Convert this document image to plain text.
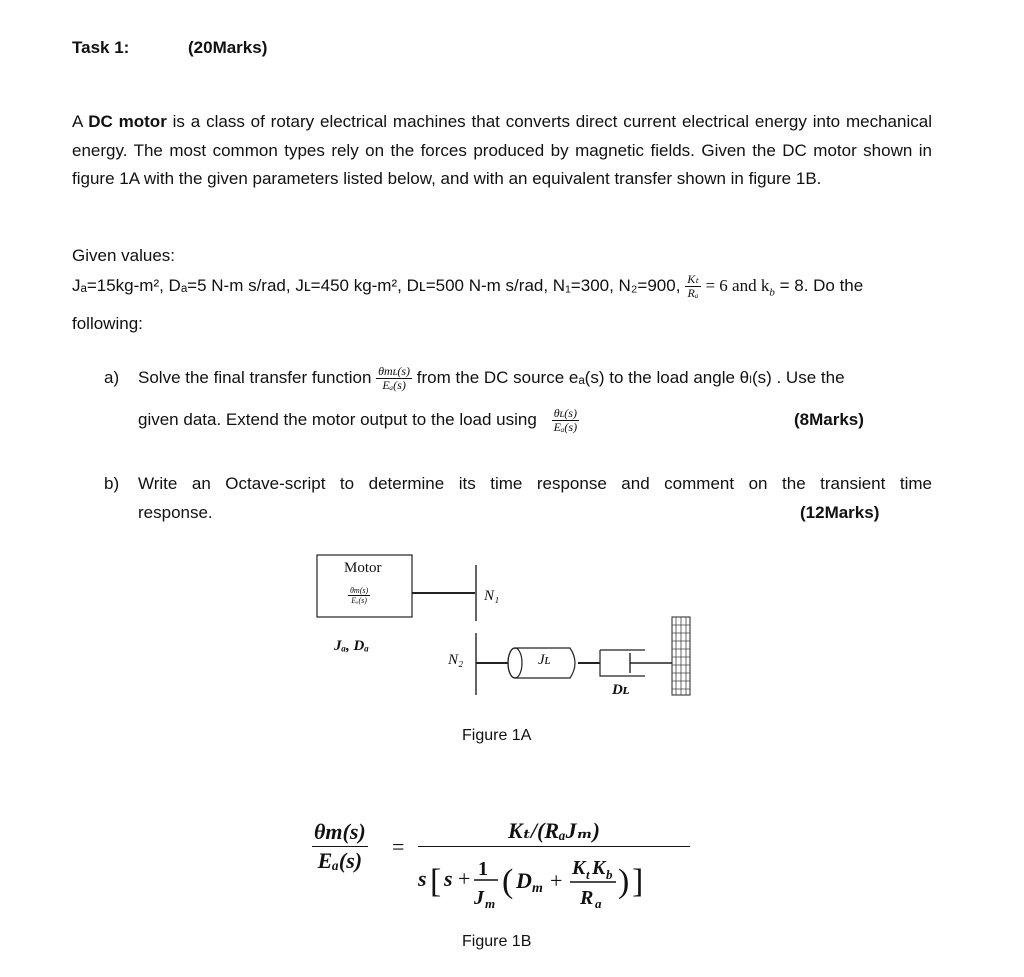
Task 1:	(20Marks)
A DC motor is a class of rotary electrical machines that converts direct current electrical energy into mechanical energy. The most common types rely on the forces produced by magnetic fields. Given the DC motor shown in figure 1A with the given parameters listed below, and with an equivalent transfer shown in figure 1B.
Given values:
Jₐ=15kg-m², Dₐ=5 N-m s/rad, Jʟ=450 kg-m², Dʟ=500 N-m s/rad, N₁=300, N₂=900, $\frac{\text{Kₜ}}{\text{Rₐ}} = 6$ and $k_b = 8$. Do the
following:
a) Solve the final transfer function $\frac{\text{θmʟ(s)}}{\text{Eₐ(s)}}$ from the DC source eₐ(s) to the load angle θₗ(s) . Use the
given data. Extend the motor output to the load using $\frac{\text{θʟ(s)}}{\text{Eₐ(s)}}$	(8Marks)
b) Write an Octave-script to determine its time response and comment on the transient time
response.	(12Marks)
Motor
$\frac{\theta m(s)}{\text{Eₐ(s)}}$
Jₐ, Dₐ
N₁
N₂	Jʟ
Dʟ
Figure 1A
$\frac{\theta m(s)}{\text{Eₐ(s)}}$ =
Kₜ/(RₐJₘ)
s [ s + 1
J m
( D m + K t K b
R a
) ]
Figure 1B
